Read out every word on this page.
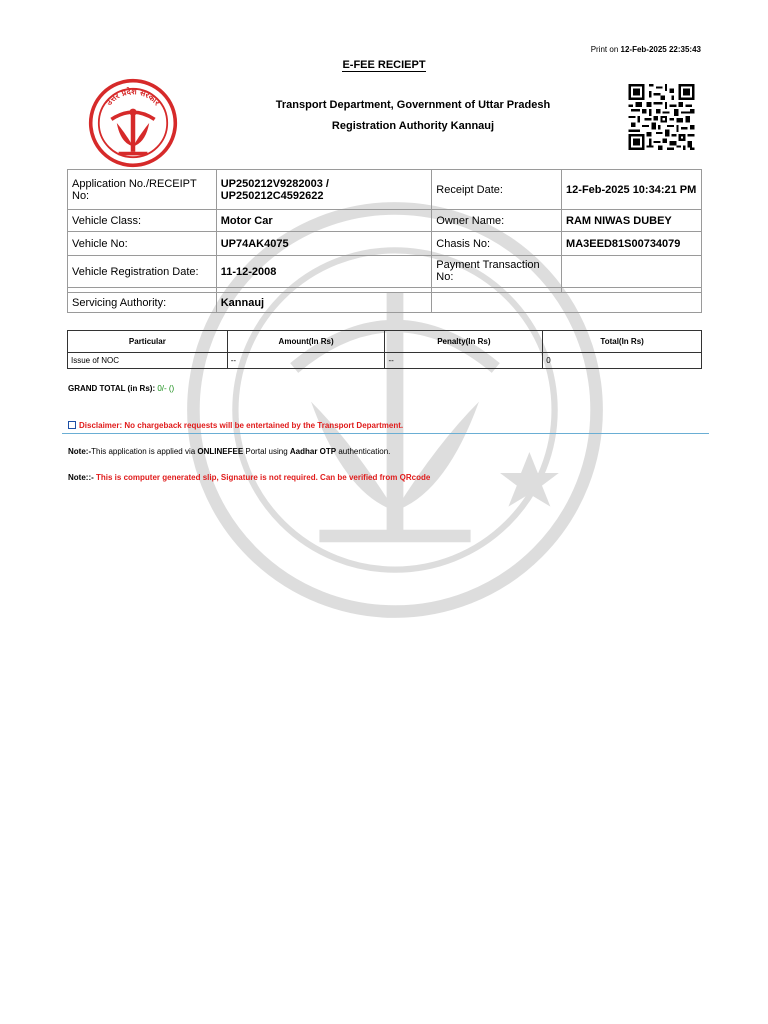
Print on 12-Feb-2025 22:35:43
E-FEE RECIEPT
उत्तर प्रदेश सरकार	Transport Department, Government of Uttar Pradesh
Registration Authority Kannauj
Application No./RECEIPT No:	UP250212V9282003 / UP250212C4592622	Receipt Date:	12-Feb-2025 10:34:21 PM
Vehicle Class:	Motor Car	Owner Name:	RAM NIWAS DUBEY
Vehicle No:	UP74AK4075	Chasis No:	MA3EED81S00734079
Vehicle Registration Date:	11-12-2008	Payment Transaction No:	

Servicing Authority:	Kannauj		
Particular	Amount(In Rs)	Penalty(In Rs)	Total(In Rs)
Issue of NOC	--	--	0
GRAND TOTAL (in Rs): 0/- ()
Disclaimer: No chargeback requests will be entertained by the Transport Department.
Note:-This application is applied via ONLINEFEE Portal using Aadhar OTP authentication.
Note::- This is computer generated slip, Signature is not required. Can be verified from QRcode
